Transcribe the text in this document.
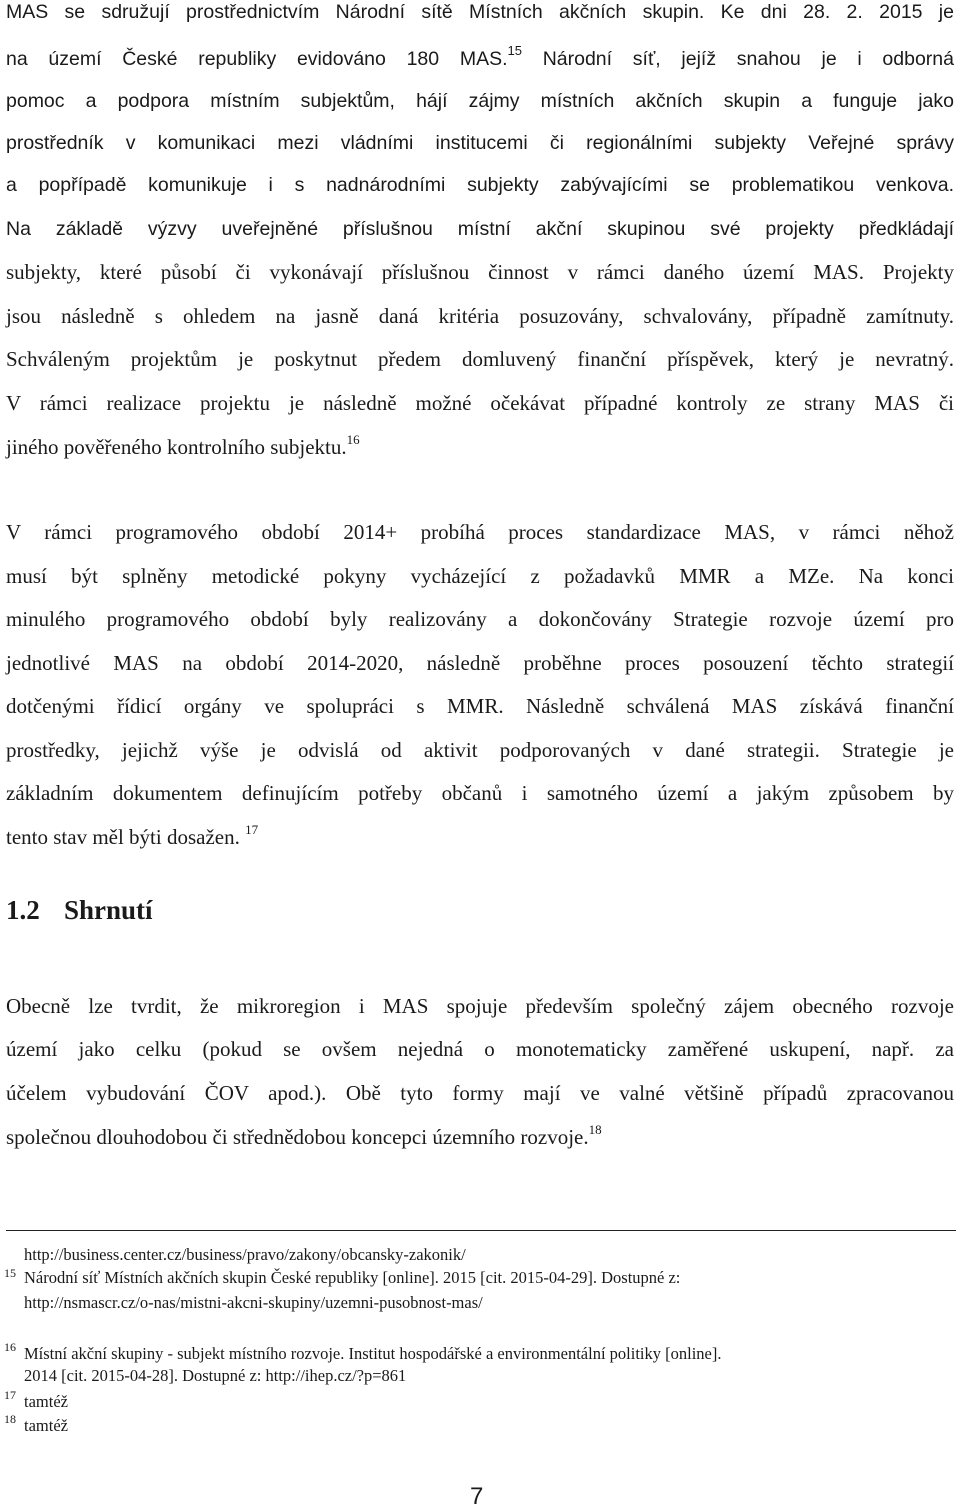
MAS se sdružují prostřednictvím Národní sítě Místních akčních skupin. Ke dni 28. 2. 2015 je
na území České republiky evidováno 180 MAS.$^{15}$ Národní síť, jejíž snahou je i odborná
pomoc a podpora místním subjektům, hájí zájmy místních akčních skupin a funguje jako
prostředník v komunikaci mezi vládními institucemi či regionálními subjekty Veřejné správy
a popřípadě komunikuje i s nadnárodními subjekty zabývajícími se problematikou venkova.
Na základě výzvy uveřejněné příslušnou místní akční skupinou své projekty předkládají
subjekty, které působí či vykonávají příslušnou činnost v rámci daného území MAS. Projekty
jsou následně s ohledem na jasně daná kritéria posuzovány, schvalovány, případně zamítnuty.
Schváleným projektům je poskytnut předem domluvený finanční příspěvek, který je nevratný.
V rámci realizace projektu je následně možné očekávat případné kontroly ze strany MAS či
jiného pověřeného kontrolního subjektu.$^{16}$
V rámci programového období 2014+ probíhá proces standardizace MAS, v rámci něhož
musí být splněny metodické pokyny vycházející z požadavků MMR a MZe. Na konci
minulého programového období byly realizovány a dokončovány Strategie rozvoje území pro
jednotlivé MAS na období 2014-2020, následně proběhne proces posouzení těchto strategií
dotčenými řídicí orgány ve spolupráci s MMR. Následně schválená MAS získává finanční
prostředky, jejichž výše je odvislá od aktivit podporovaných v dané strategii. Strategie je
základním dokumentem definujícím potřeby občanů i samotného území a jakým způsobem by
tento stav měl býti dosažen. $^{17}$
1.2 Shrnutí
Obecně lze tvrdit, že mikroregion i MAS spojuje především společný zájem obecného rozvoje
území jako celku (pokud se ovšem nejedná o monotematicky zaměřené uskupení, např. za
účelem vybudování ČOV apod.). Obě tyto formy mají ve valné většině případů zpracovanou
společnou dlouhodobou či střednědobou koncepci územního rozvoje.$^{18}$
http://business.center.cz/business/pravo/zakony/obcansky-zakonik/
15 Národní síť Místních akčních skupin České republiky [online]. 2015 [cit. 2015-04-29]. Dostupné z:
http://nsmascr.cz/o-nas/mistni-akcni-skupiny/uzemni-pusobnost-mas/
16 Místní akční skupiny - subjekt místního rozvoje. Institut hospodářské a environmentální politiky [online].
2014 [cit. 2015-04-28]. Dostupné z: http://ihep.cz/?p=861
17 tamtéž
18 tamtéž
7
